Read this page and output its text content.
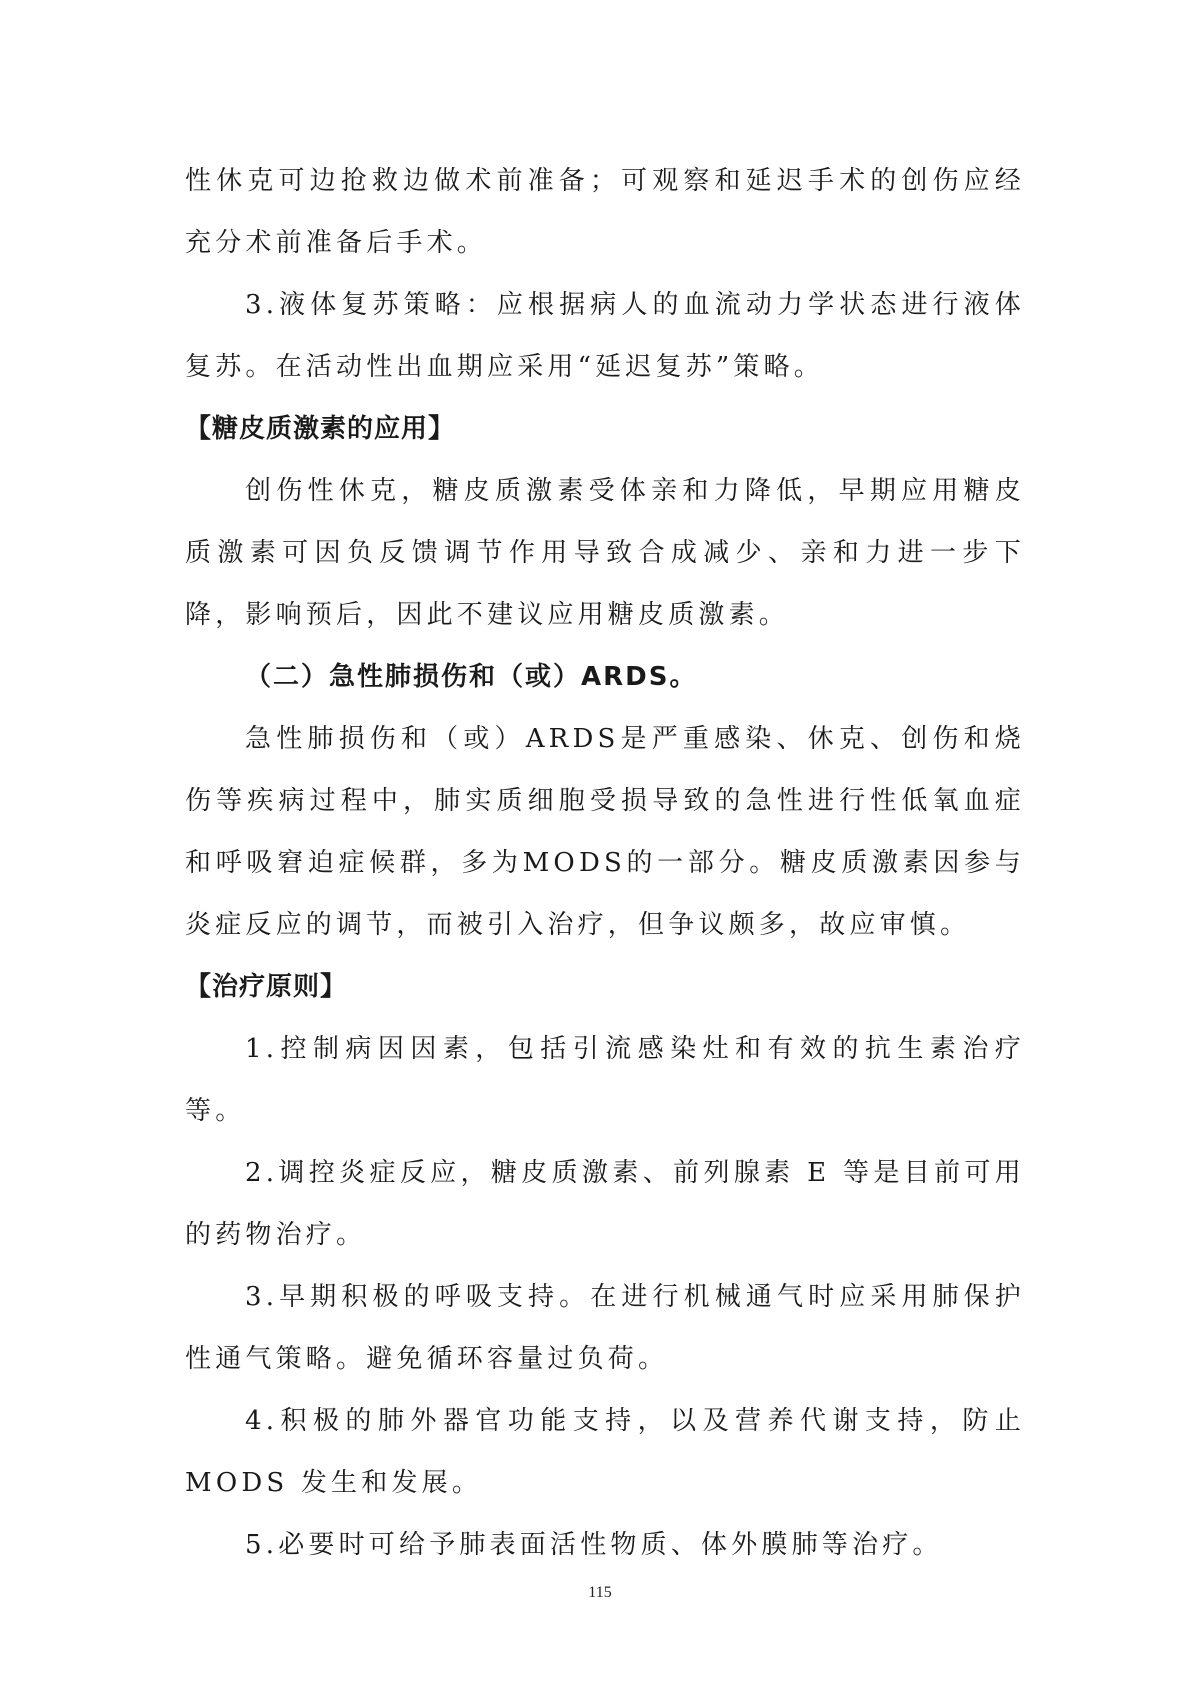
性休克可边抢救边做术前准备；可观察和延迟手术的创伤应经充分术前准备后手术。

3.液体复苏策略：应根据病人的血流动力学状态进行液体复苏。在活动性出血期应采用“延迟复苏”策略。

【糖皮质激素的应用】

创伤性休克，糖皮质激素受体亲和力降低，早期应用糖皮质激素可因负反馈调节作用导致合成减少、亲和力进一步下降，影响预后，因此不建议应用糖皮质激素。

（二）急性肺损伤和（或）ARDS。

急性肺损伤和（或）ARDS是严重感染、休克、创伤和烧伤等疾病过程中，肺实质细胞受损导致的急性进行性低氧血症和呼吸窘迫症候群，多为MODS的一部分。糖皮质激素因参与炎症反应的调节，而被引入治疗，但争议颇多，故应审慎。

【治疗原则】

1.控制病因因素，包括引流感染灶和有效的抗生素治疗等。

2.调控炎症反应，糖皮质激素、前列腺素 E 等是目前可用的药物治疗。

3.早期积极的呼吸支持。在进行机械通气时应采用肺保护性通气策略。避免循环容量过负荷。

4.积极的肺外器官功能支持，以及营养代谢支持，防止 MODS 发生和发展。

5.必要时可给予肺表面活性物质、体外膜肺等治疗。

115
